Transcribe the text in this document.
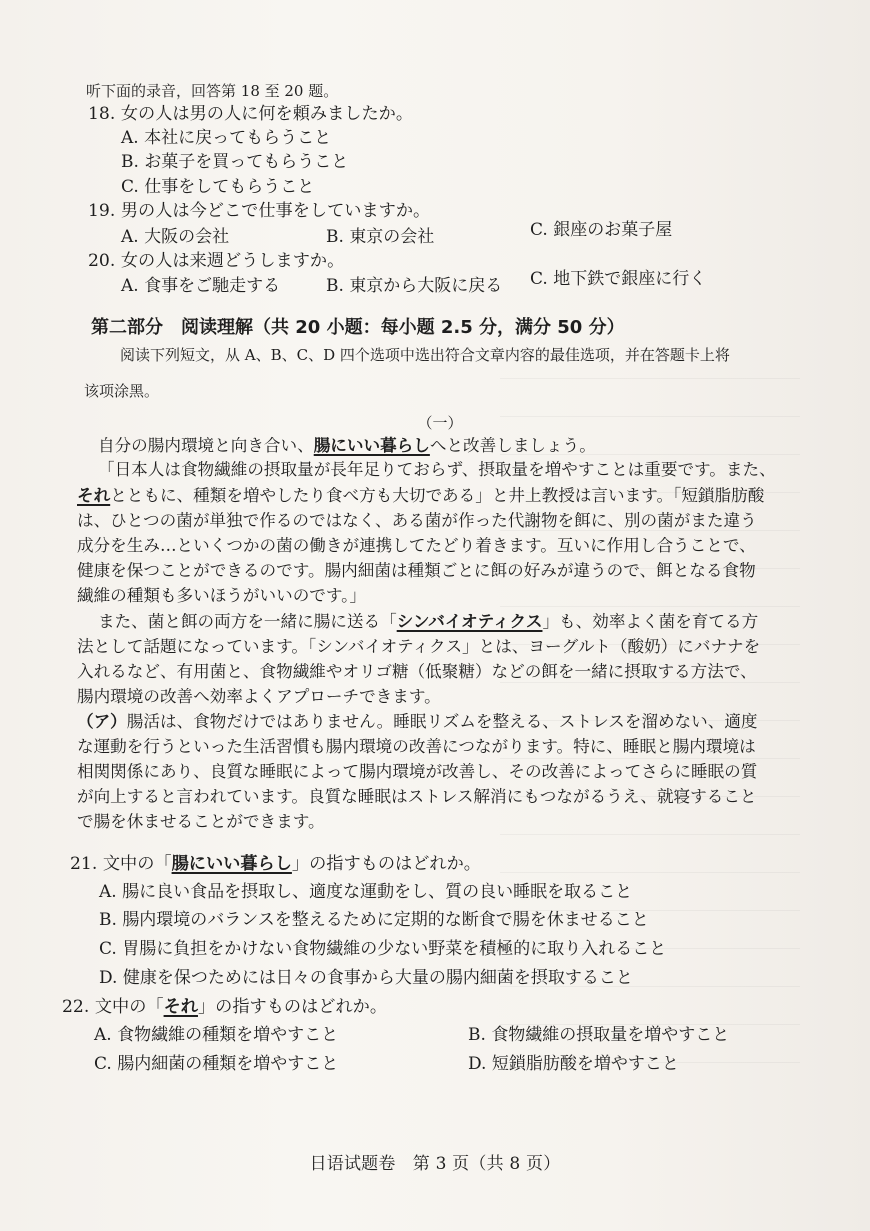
听下面的录音，回答第 18 至 20 题。
18. 女の人は男の人に何を頼みましたか。
A. 本社に戻ってもらうこと
B. お菓子を買ってもらうこと
C. 仕事をしてもらうこと
19. 男の人は今どこで仕事をしていますか。
A. 大阪の会社	B. 東京の会社	C. 銀座のお菓子屋
20. 女の人は来週どうしますか。
A. 食事をご馳走する	B. 東京から大阪に戻る C. 地下鉄で銀座に行く
第二部分　阅读理解（共 20 小题：每小题 2.5 分，满分 50 分）
阅读下列短文，从 A、B、C、D 四个选项中选出符合文章内容的最佳选项，并在答题卡上将
该项涂黑。
（一）
自分の腸内環境と向き合い、腸にいい暮らしへと改善しましょう。
「日本人は食物繊維の摂取量が長年足りておらず、摂取量を増やすことは重要です。また、
それとともに、種類を増やしたり食べ方も大切である」と井上教授は言います。「短鎖脂肪酸
は、ひとつの菌が単独で作るのではなく、ある菌が作った代謝物を餌に、別の菌がまた違う
成分を生み…といくつかの菌の働きが連携してたどり着きます。互いに作用し合うことで、
健康を保つことができるのです。腸内細菌は種類ごとに餌の好みが違うので、餌となる食物
繊維の種類も多いほうがいいのです。」
また、菌と餌の両方を一緒に腸に送る「シンバイオティクス」も、効率よく菌を育てる方
法として話題になっています。「シンバイオティクス」とは、ヨーグルト（酸奶）にバナナを
入れるなど、有用菌と、食物繊維やオリゴ糖（低聚糖）などの餌を一緒に摂取する方法で、
腸内環境の改善へ効率よくアプローチできます。
（ア）腸活は、食物だけではありません。睡眠リズムを整える、ストレスを溜めない、適度
な運動を行うといった生活習慣も腸内環境の改善につながります。特に、睡眠と腸内環境は
相関関係にあり、良質な睡眠によって腸内環境が改善し、その改善によってさらに睡眠の質
が向上すると言われています。良質な睡眠はストレス解消にもつながるうえ、就寝すること
で腸を休ませることができます。
21. 文中の「腸にいい暮らし」の指すものはどれか。
A. 腸に良い食品を摂取し、適度な運動をし、質の良い睡眠を取ること
B. 腸内環境のバランスを整えるために定期的な断食で腸を休ませること
C. 胃腸に負担をかけない食物繊維の少ない野菜を積極的に取り入れること
D. 健康を保つためには日々の食事から大量の腸内細菌を摂取すること
22. 文中の「それ」の指すものはどれか。
A. 食物繊維の種類を増やすこと	B. 食物繊維の摂取量を増やすこと
C. 腸内細菌の種類を増やすこと	D. 短鎖脂肪酸を増やすこと
日语试题卷　第 3 页（共 8 页）
